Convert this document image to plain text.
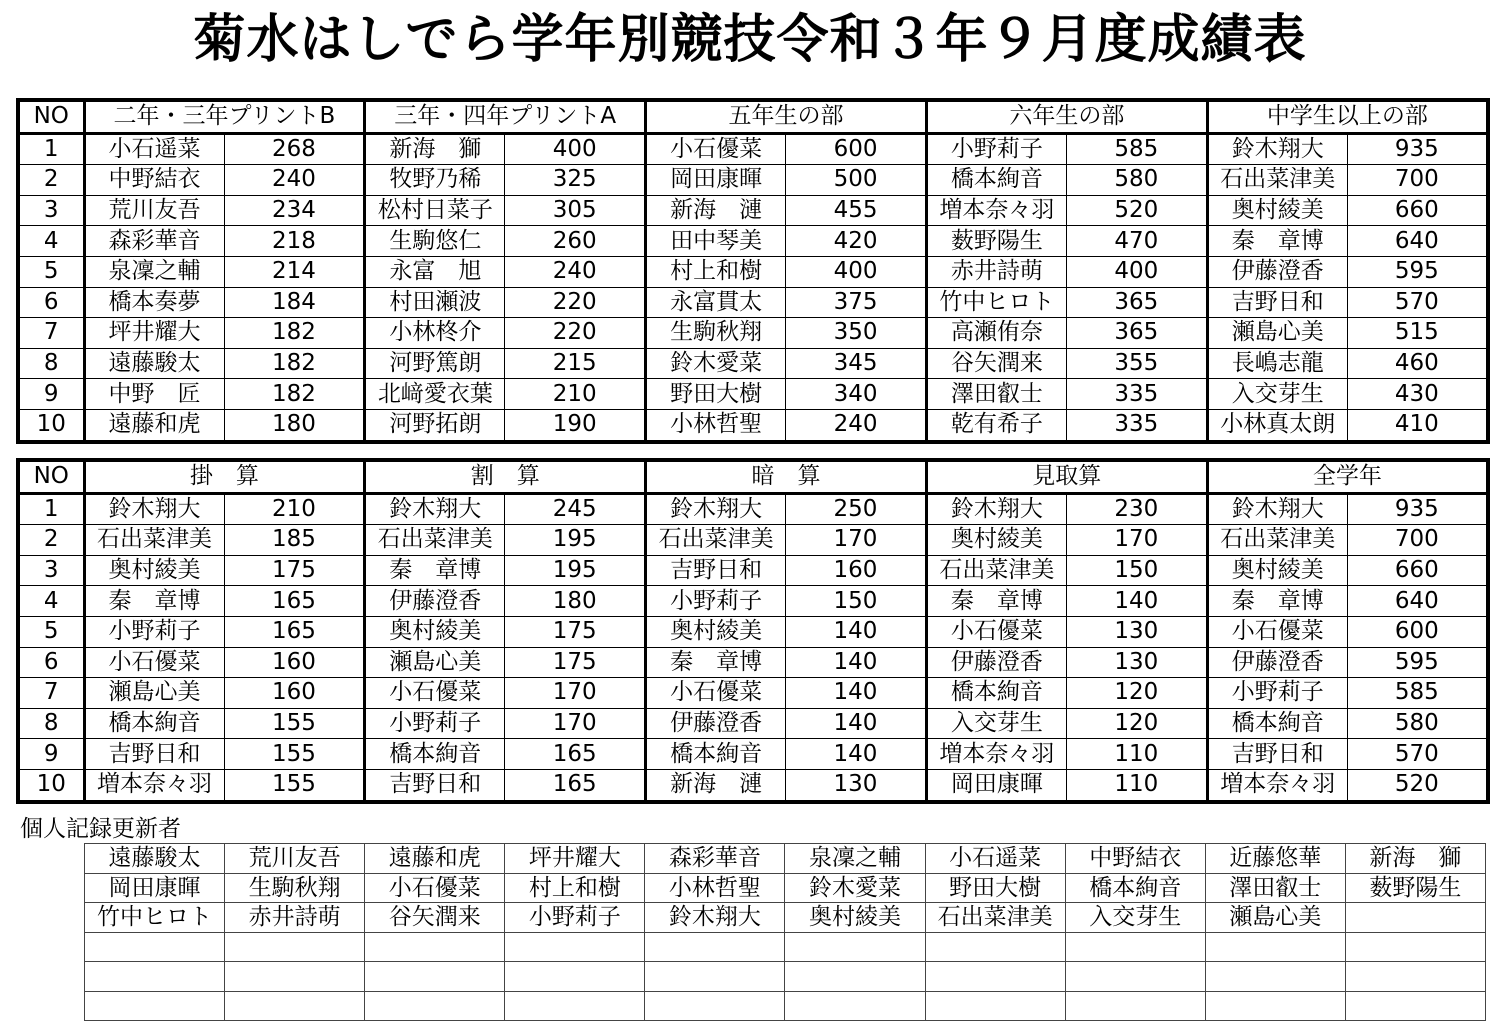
菊水はしでら学年別競技令和３年９月度成績表
NO	二年・三年プリントB		三年・四年プリントA		五年生の部		六年生の部		中学生以上の部	
1	小石遥菜	268	新海　獅	400	小石優菜	600	小野莉子	585	鈴木翔大	935
2	中野結衣	240	牧野乃稀	325	岡田康暉	500	橋本絢音	580	石出菜津美	700
3	荒川友吾	234	松村日菜子	305	新海　漣	455	増本奈々羽	520	奥村綾美	660
4	森彩華音	218	生駒悠仁	260	田中琴美	420	薮野陽生	470	秦　章博	640
5	泉凜之輔	214	永富　旭	240	村上和樹	400	赤井詩萌	400	伊藤澄香	595
6	橋本奏夢	184	村田瀬波	220	永富貫太	375	竹中ヒロト	365	吉野日和	570
7	坪井耀大	182	小林柊介	220	生駒秋翔	350	高瀬侑奈	365	瀬島心美	515
8	遠藤駿太	182	河野篤朗	215	鈴木愛菜	345	谷矢潤来	355	長嶋志龍	460
9	中野　匠	182	北﨑愛衣葉	210	野田大樹	340	澤田叡士	335	入交芽生	430
10	遠藤和虎	180	河野拓朗	190	小林哲聖	240	乾有希子	335	小林真太朗	410
NO	掛　算		割　算		暗　算		見取算		全学年	
1	鈴木翔大	210	鈴木翔大	245	鈴木翔大	250	鈴木翔大	230	鈴木翔大	935
2	石出菜津美	185	石出菜津美	195	石出菜津美	170	奥村綾美	170	石出菜津美	700
3	奥村綾美	175	秦　章博	195	吉野日和	160	石出菜津美	150	奥村綾美	660
4	秦　章博	165	伊藤澄香	180	小野莉子	150	秦　章博	140	秦　章博	640
5	小野莉子	165	奥村綾美	175	奥村綾美	140	小石優菜	130	小石優菜	600
6	小石優菜	160	瀬島心美	175	秦　章博	140	伊藤澄香	130	伊藤澄香	595
7	瀬島心美	160	小石優菜	170	小石優菜	140	橋本絢音	120	小野莉子	585
8	橋本絢音	155	小野莉子	170	伊藤澄香	140	入交芽生	120	橋本絢音	580
9	吉野日和	155	橋本絢音	165	橋本絢音	140	増本奈々羽	110	吉野日和	570
10	増本奈々羽	155	吉野日和	165	新海　漣	130	岡田康暉	110	増本奈々羽	520
個人記録更新者
遠藤駿太	荒川友吾	遠藤和虎	坪井耀大	森彩華音	泉凜之輔	小石遥菜	中野結衣	近藤悠華	新海　獅
岡田康暉	生駒秋翔	小石優菜	村上和樹	小林哲聖	鈴木愛菜	野田大樹	橋本絢音	澤田叡士	薮野陽生
竹中ヒロト	赤井詩萌	谷矢潤来	小野莉子	鈴木翔大	奥村綾美	石出菜津美	入交芽生	瀬島心美	
